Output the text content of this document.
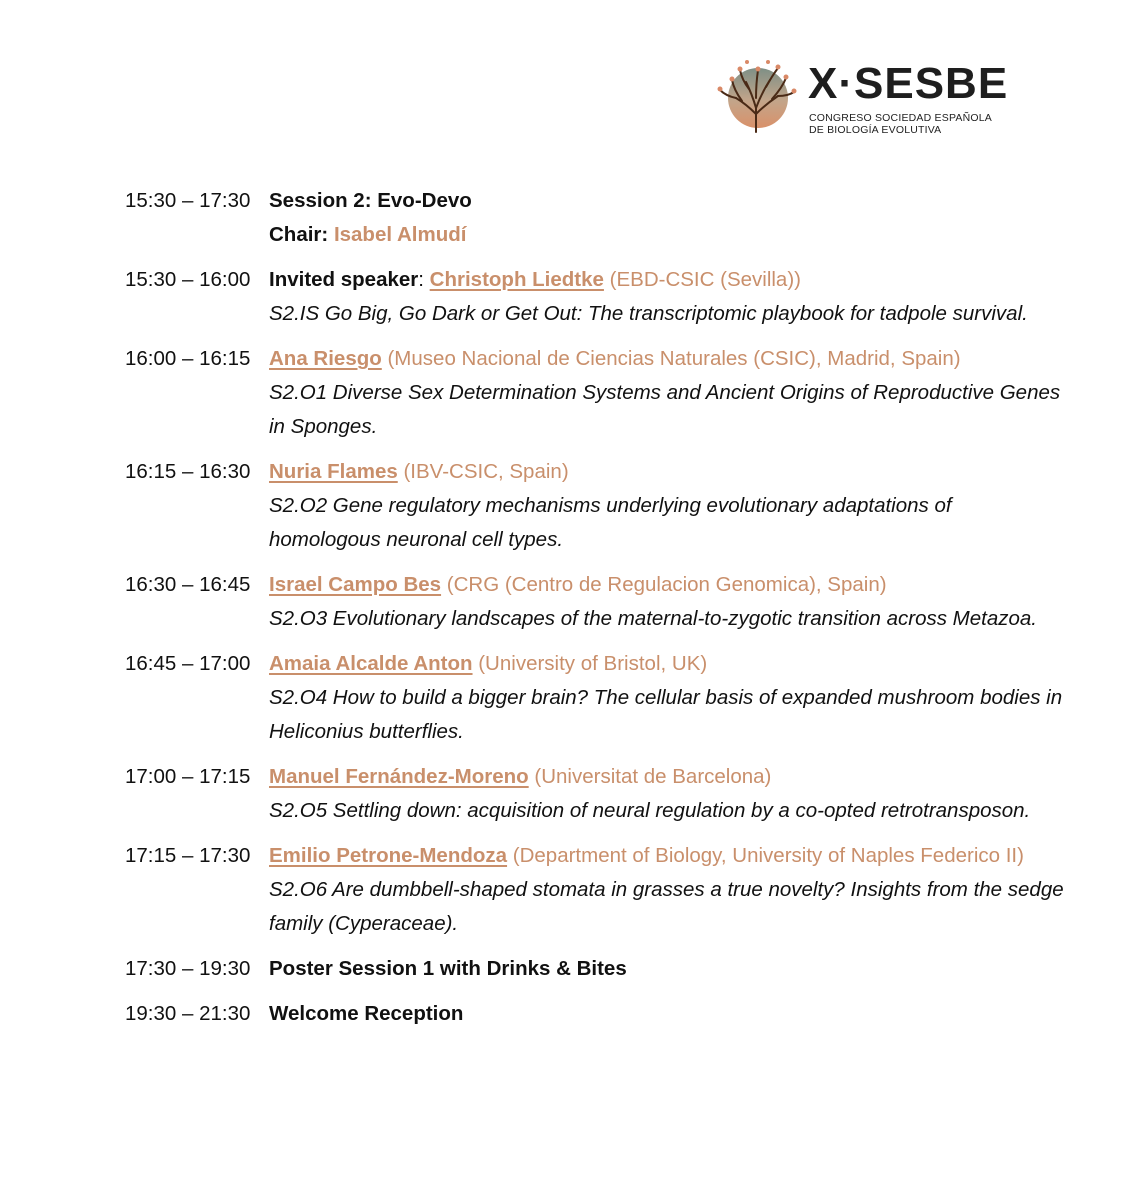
X·SESBE
CONGRESO SOCIEDAD ESPAÑOLA
DE BIOLOGÍA EVOLUTIVA
15:30 – 17:30 Session 2: Evo-Devo
Chair: Isabel Almudí
15:30 – 16:00 Invited speaker: Christoph Liedtke (EBD-CSIC (Sevilla))
S2.IS Go Big, Go Dark or Get Out: The transcriptomic playbook for tadpole survival.
16:00 – 16:15 Ana Riesgo (Museo Nacional de Ciencias Naturales (CSIC), Madrid, Spain)
S2.O1 Diverse Sex Determination Systems and Ancient Origins of Reproductive Genes in Sponges.
16:15 – 16:30 Nuria Flames (IBV-CSIC, Spain)
S2.O2 Gene regulatory mechanisms underlying evolutionary adaptations of homologous neuronal cell types.
16:30 – 16:45 Israel Campo Bes (CRG (Centro de Regulacion Genomica), Spain)
S2.O3 Evolutionary landscapes of the maternal-to-zygotic transition across Metazoa.
16:45 – 17:00 Amaia Alcalde Anton (University of Bristol, UK)
S2.O4 How to build a bigger brain? The cellular basis of expanded mushroom bodies in Heliconius butterflies.
17:00 – 17:15 Manuel Fernández-Moreno (Universitat de Barcelona)
S2.O5 Settling down: acquisition of neural regulation by a co-opted retrotransposon.
17:15 – 17:30 Emilio Petrone-Mendoza (Department of Biology, University of Naples Federico II)
S2.O6 Are dumbbell-shaped stomata in grasses a true novelty? Insights from the sedge family (Cyperaceae).
17:30 – 19:30 Poster Session 1 with Drinks & Bites
19:30 – 21:30 Welcome Reception
